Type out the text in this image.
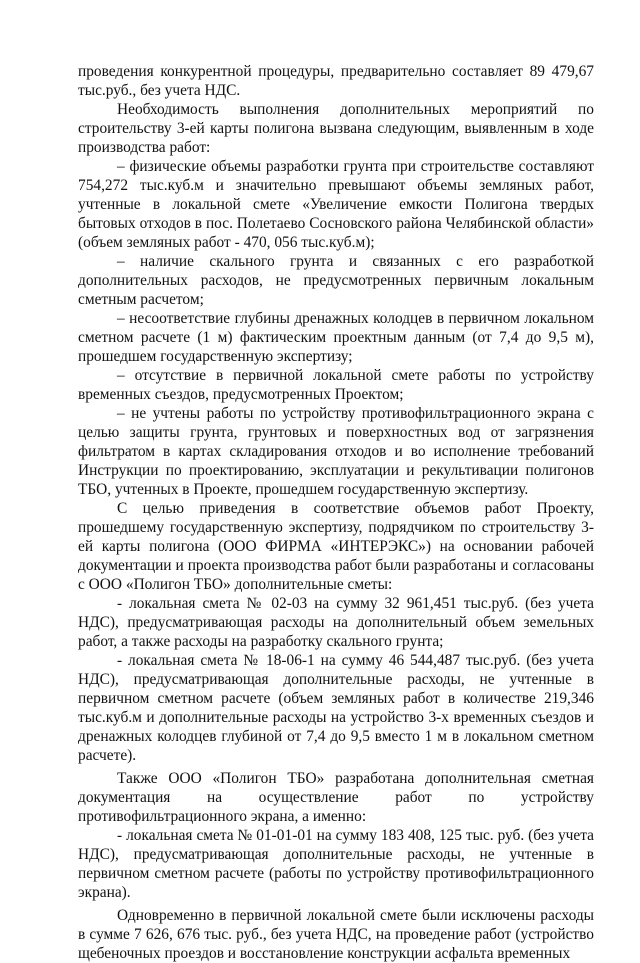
проведения конкурентной процедуры, предварительно составляет 89 479,67 тыс.руб., без учета НДС.

Необходимость выполнения дополнительных мероприятий по строительству 3-ей карты полигона вызвана следующим, выявленным в ходе производства работ:

– физические объемы разработки грунта при строительстве составляют 754,272 тыс.куб.м и значительно превышают объемы земляных работ, учтенные в локальной смете «Увеличение емкости Полигона твердых бытовых отходов в пос. Полетаево Сосновского района Челябинской области» (объем земляных работ - 470, 056 тыс.куб.м);

– наличие скального грунта и связанных с его разработкой дополнительных расходов, не предусмотренных первичным локальным сметным расчетом;

– несоответствие глубины дренажных колодцев в первичном локальном сметном расчете (1 м) фактическим проектным данным (от 7,4 до 9,5 м), прошедшем государственную экспертизу;

– отсутствие в первичной локальной смете работы по устройству временных съездов, предусмотренных Проектом;

– не учтены работы по устройству противофильтрационного экрана с целью защиты грунта, грунтовых и поверхностных вод от загрязнения фильтратом в картах складирования отходов и во исполнение требований Инструкции по проектированию, эксплуатации и рекультивации полигонов ТБО, учтенных в Проекте, прошедшем государственную экспертизу.

С целью приведения в соответствие объемов работ Проекту, прошедшему государственную экспертизу, подрядчиком по строительству 3-ей карты полигона (ООО ФИРМА «ИНТЕРЭКС») на основании рабочей документации и проекта производства работ были разработаны и согласованы с ООО «Полигон ТБО» дополнительные сметы:

- локальная смета № 02-03 на сумму 32 961,451 тыс.руб. (без учета НДС), предусматривающая расходы на дополнительный объем земельных работ, а также расходы на разработку скального грунта;

- локальная смета № 18-06-1 на сумму 46 544,487 тыс.руб. (без учета НДС), предусматривающая дополнительные расходы, не учтенные в первичном сметном расчете (объем земляных работ в количестве 219,346 тыс.куб.м и дополнительные расходы на устройство 3-х временных съездов и дренажных колодцев глубиной от 7,4 до 9,5 вместо 1 м в локальном сметном расчете).

Также ООО «Полигон ТБО» разработана дополнительная сметная документация на осуществление работ по устройству противофильтрационного экрана, а именно:

- локальная смета № 01-01-01 на сумму 183 408, 125 тыс. руб. (без учета НДС), предусматривающая дополнительные расходы, не учтенные в первичном сметном расчете (работы по устройству противофильтрационного экрана).

Одновременно в первичной локальной смете были исключены расходы в сумме 7 626, 676 тыс. руб., без учета НДС, на проведение работ (устройство щебеночных проездов и восстановление конструкции асфальта временных
